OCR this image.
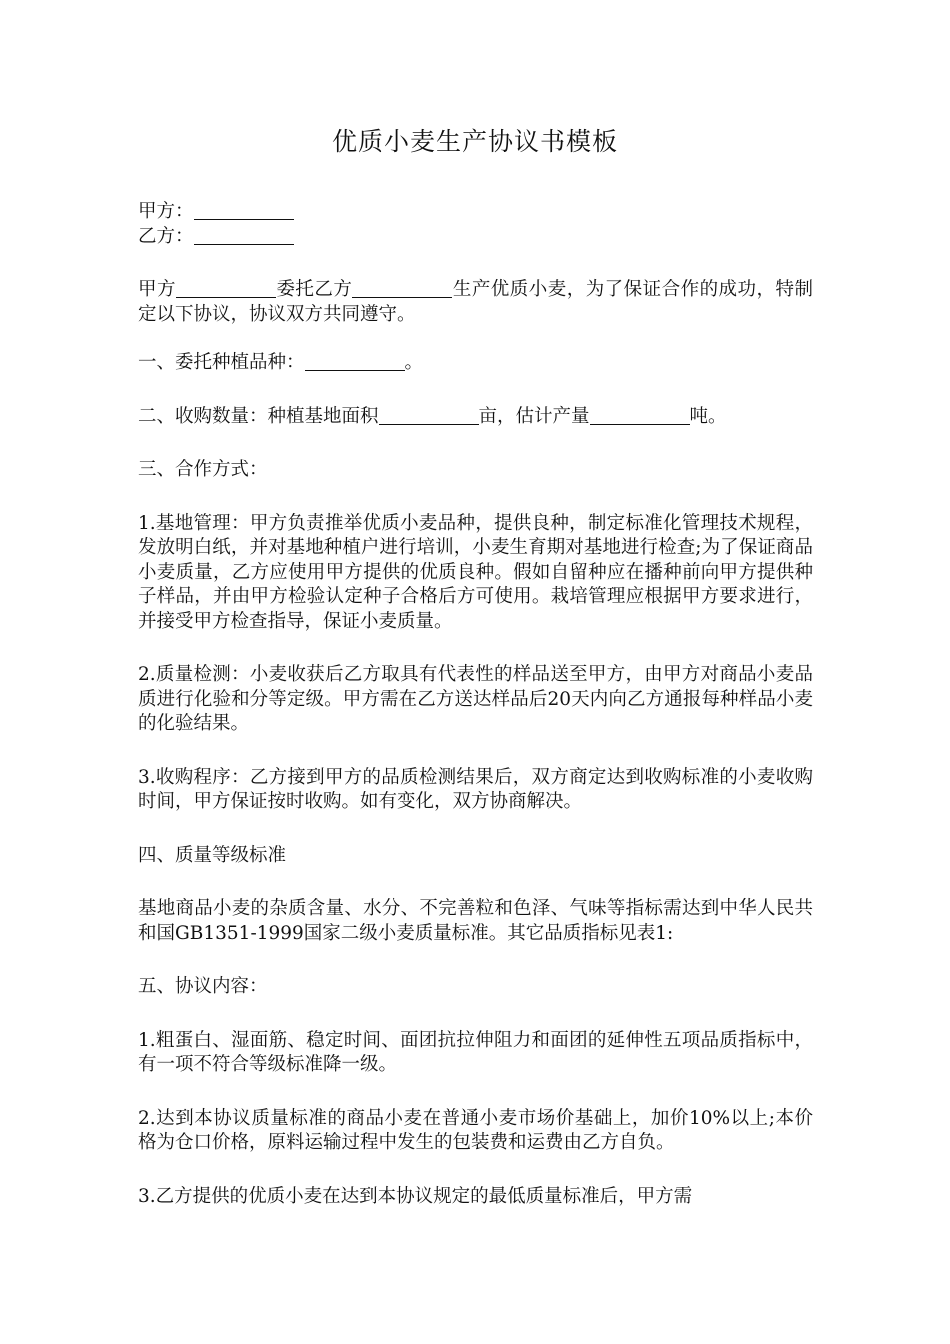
优质小麦生产协议书模板

甲方：

乙方：

甲方	委托乙方	生产优质小麦，为了保证合作的成功，特制定以下协议，协议双方共同遵守。

一、委托种植品种：	。

二、收购数量：种植基地面积	亩，估计产量	吨。

三、合作方式：

1.基地管理：甲方负责推举优质小麦品种，提供良种，制定标准化管理技术规程，发放明白纸，并对基地种植户进行培训，小麦生育期对基地进行检查;为了保证商品小麦质量，乙方应使用甲方提供的优质良种。假如自留种应在播种前向甲方提供种子样品，并由甲方检验认定种子合格后方可使用。栽培管理应根据甲方要求进行，并接受甲方检查指导，保证小麦质量。

2.质量检测：小麦收获后乙方取具有代表性的样品送至甲方，由甲方对商品小麦品质进行化验和分等定级。甲方需在乙方送达样品后20天内向乙方通报每种样品小麦的化验结果。

3.收购程序：乙方接到甲方的品质检测结果后，双方商定达到收购标准的小麦收购时间，甲方保证按时收购。如有变化，双方协商解决。

四、质量等级标准

基地商品小麦的杂质含量、水分、不完善粒和色泽、气味等指标需达到中华人民共和国GB1351-1999国家二级小麦质量标准。其它品质指标见表1:

五、协议内容：

1.粗蛋白、湿面筋、稳定时间、面团抗拉伸阻力和面团的延伸性五项品质指标中，有一项不符合等级标准降一级。

2.达到本协议质量标准的商品小麦在普通小麦市场价基础上，加价10%以上;本价格为仓口价格，原料运输过程中发生的包装费和运费由乙方自负。

3.乙方提供的优质小麦在达到本协议规定的最低质量标准后，甲方需
